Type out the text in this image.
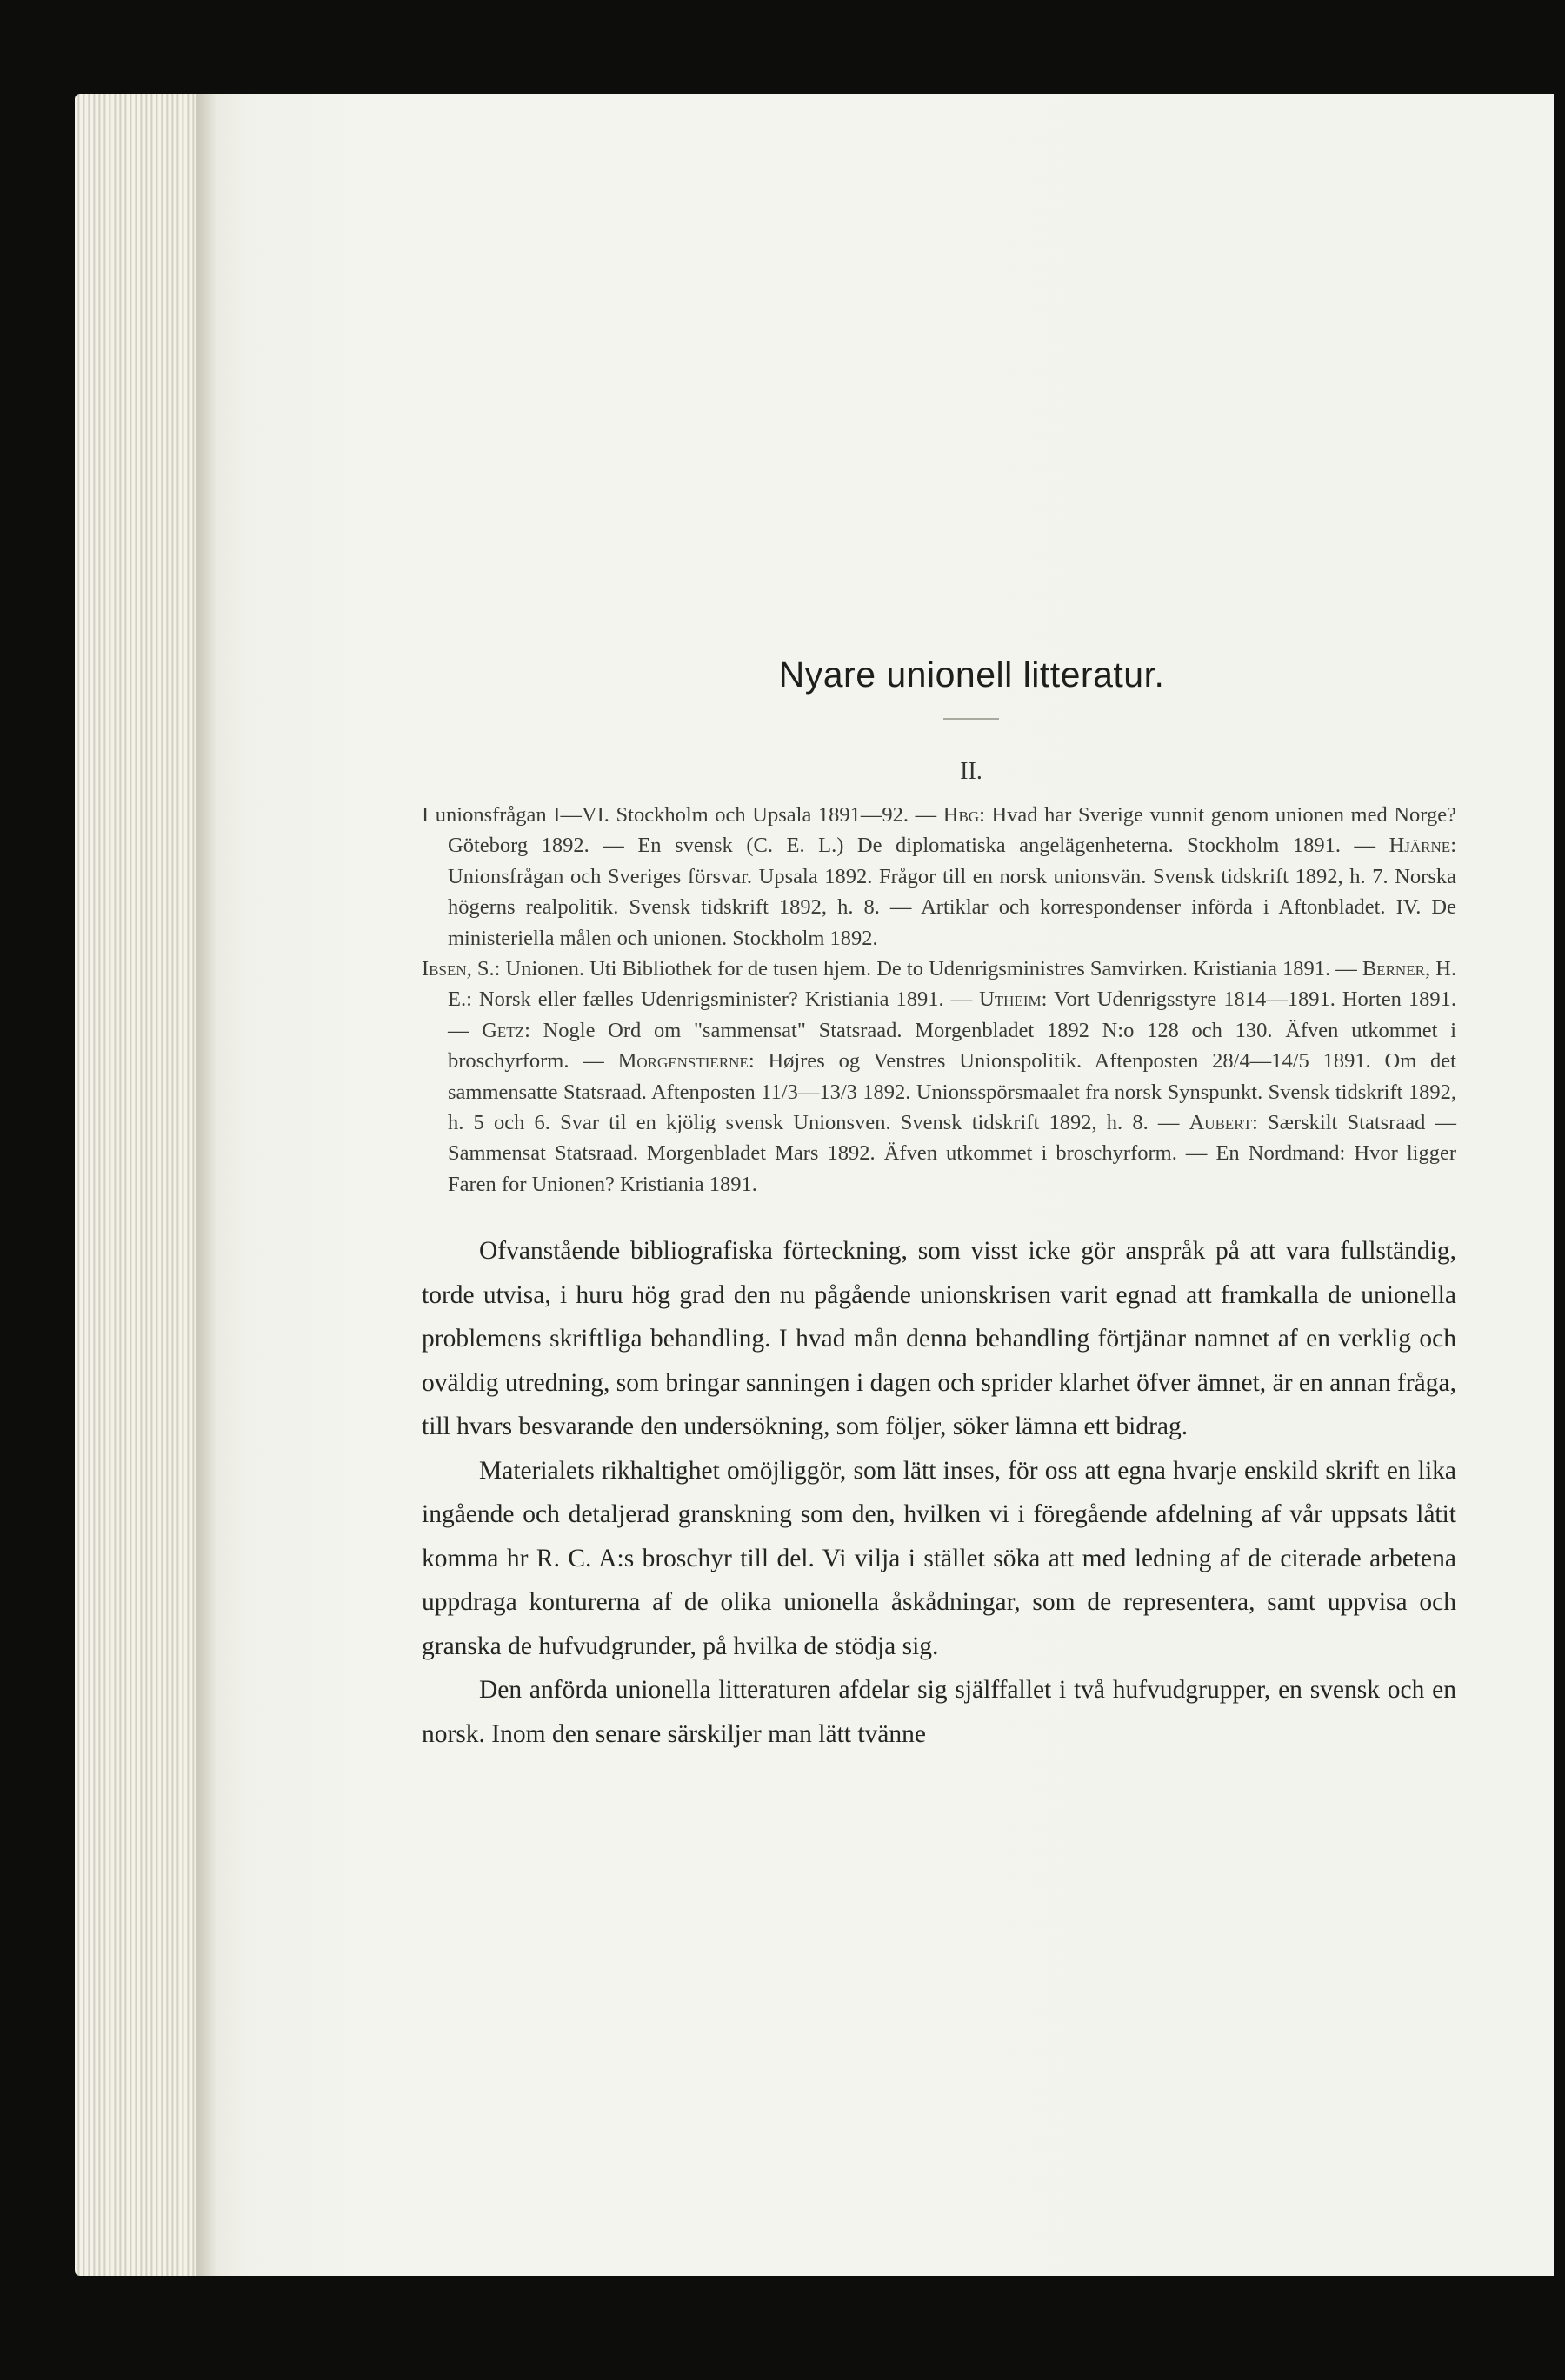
Nyare unionell litteratur.
II.

I unionsfrågan I—VI. Stockholm och Upsala 1891—92. — Hbg: Hvad har Sverige vunnit genom unionen med Norge? Göteborg 1892. — En svensk (C. E. L.) De diplomatiska angelägenheterna. Stockholm 1891. — Hjärne: Unionsfrågan och Sveriges försvar. Upsala 1892. Frågor till en norsk unionsvän. Svensk tidskrift 1892, h. 7. Norska högerns realpolitik. Svensk tidskrift 1892, h. 8. — Artiklar och korrespondenser införda i Aftonbladet. IV. De ministeriella målen och unionen. Stockholm 1892.

Ibsen, S.: Unionen. Uti Bibliothek for de tusen hjem. De to Udenrigsministres Samvirken. Kristiania 1891. — Berner, H. E.: Norsk eller fælles Udenrigsminister? Kristiania 1891. — Utheim: Vort Udenrigsstyre 1814—1891. Horten 1891. — Getz: Nogle Ord om "sammensat" Statsraad. Morgenbladet 1892 N:o 128 och 130. Äfven utkommet i broschyrform. — Morgenstierne: Højres og Venstres Unionspolitik. Aftenposten 28/4—14/5 1891. Om det sammensatte Statsraad. Aftenposten 11/3—13/3 1892. Unionsspörsmaalet fra norsk Synspunkt. Svensk tidskrift 1892, h. 5 och 6. Svar til en kjölig svensk Unionsven. Svensk tidskrift 1892, h. 8. — Aubert: Særskilt Statsraad — Sammensat Statsraad. Morgenbladet Mars 1892. Äfven utkommet i broschyrform. — En Nordmand: Hvor ligger Faren for Unionen? Kristiania 1891.

Ofvanstående bibliografiska förteckning, som visst icke gör anspråk på att vara fullständig, torde utvisa, i huru hög grad den nu pågående unionskrisen varit egnad att framkalla de unionella problemens skriftliga behandling. I hvad mån denna behandling förtjänar namnet af en verklig och oväldig utredning, som bringar sanningen i dagen och sprider klarhet öfver ämnet, är en annan fråga, till hvars besvarande den undersökning, som följer, söker lämna ett bidrag.

Materialets rikhaltighet omöjliggör, som lätt inses, för oss att egna hvarje enskild skrift en lika ingående och detaljerad granskning som den, hvilken vi i föregående afdelning af vår uppsats låtit komma hr R. C. A:s broschyr till del. Vi vilja i stället söka att med ledning af de citerade arbetena uppdraga konturerna af de olika unionella åskådningar, som de representera, samt uppvisa och granska de hufvudgrunder, på hvilka de stödja sig.

Den anförda unionella litteraturen afdelar sig själffallet i två hufvudgrupper, en svensk och en norsk. Inom den senare särskiljer man lätt tvänne
